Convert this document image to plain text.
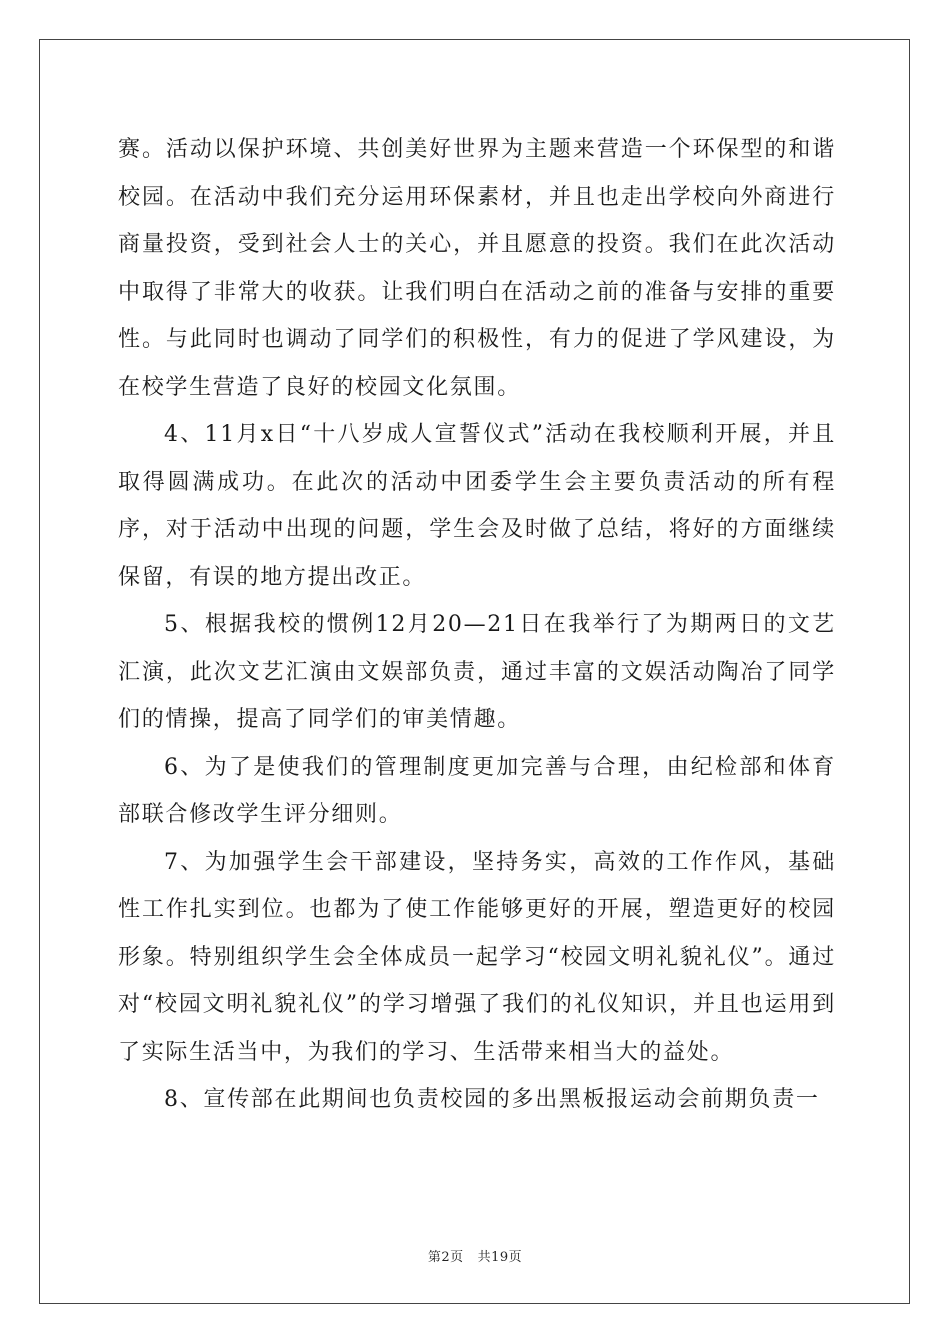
赛。活动以保护环境、共创美好世界为主题来营造一个环保型的和谐校园。在活动中我们充分运用环保素材，并且也走出学校向外商进行商量投资，受到社会人士的关心，并且愿意的投资。我们在此次活动中取得了非常大的收获。让我们明白在活动之前的准备与安排的重要性。与此同时也调动了同学们的积极性，有力的促进了学风建设，为在校学生营造了良好的校园文化氛围。

4、11月x日“十八岁成人宣誓仪式”活动在我校顺利开展，并且取得圆满成功。在此次的活动中团委学生会主要负责活动的所有程序，对于活动中出现的问题，学生会及时做了总结，将好的方面继续保留，有误的地方提出改正。

5、根据我校的惯例12月20—21日在我举行了为期两日的文艺汇演，此次文艺汇演由文娱部负责，通过丰富的文娱活动陶冶了同学们的情操，提高了同学们的审美情趣。

6、为了是使我们的管理制度更加完善与合理，由纪检部和体育部联合修改学生评分细则。

7、为加强学生会干部建设，坚持务实，高效的工作作风，基础性工作扎实到位。也都为了使工作能够更好的开展，塑造更好的校园形象。特别组织学生会全体成员一起学习“校园文明礼貌礼仪”。通过对“校园文明礼貌礼仪”的学习增强了我们的礼仪知识，并且也运用到了实际生活当中，为我们的学习、生活带来相当大的益处。

8、宣传部在此期间也负责校园的多出黑板报运动会前期负责一

第2页 共19页
